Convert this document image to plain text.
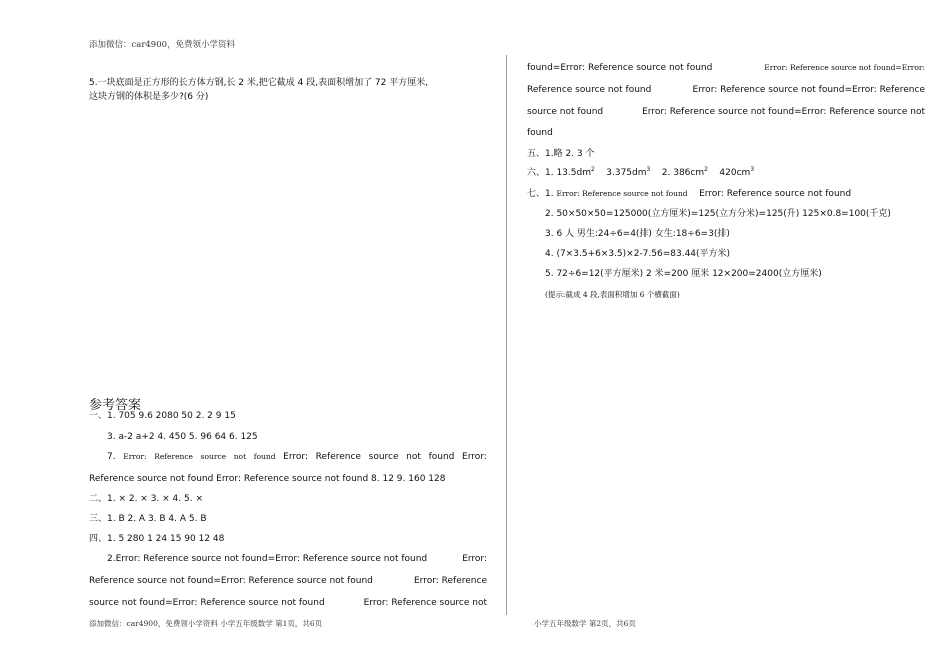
添加微信：car4900，免费领小学资料
5.一块底面是正方形的长方体方钢,长 2 米,把它截成 4 段,表面积增加了 72 平方厘米,
这块方钢的体积是多少?(6 分)
参考答案
一、1. 705 9.6 2080 50 2. 2 9 15
3. a-2 a+2 4. 450 5. 96 64 6. 125
7. Error: Reference source not found Error: Reference source not found Error:
Reference source not found Error: Reference source not found 8. 12 9. 160 128
二、1. × 2. × 3. × 4. 5. ×
三、1. B 2. A 3. B 4. A 5. B
四、1. 5 280 1 24 15 90 12 48
2.Error: Reference source not found=Error: Reference source not found	Error:
Reference source not found=Error: Reference source not found	Error: Reference
source not found=Error: Reference source not found	Error: Reference source not
found=Error: Reference source not found	Error: Reference source not found=Error:
Reference source not found	Error: Reference source not found=Error: Reference
source not found	Error: Reference source not found=Error: Reference source not
found
五、1.略 2. 3 个
六、1. $13.5dm^2$ $3.375dm^3$ 2. $386cm^2$ $420cm^3$
七、1. Error: Reference source not found Error: Reference source not found
2. 50×50×50=125000(立方厘米)=125(立方分米)=125(升) 125×0.8=100(千克)
3. 6 人 男生:24÷6=4(排) 女生:18÷6=3(排)
4. (7×3.5+6×3.5)×2-7.56=83.44(平方米)
5. 72÷6=12(平方厘米) 2 米=200 厘米 12×200=2400(立方厘米)
(提示:截成 4 段,表面积增加 6 个横截面)
添加微信：car4900，免费领小学资料 小学五年级数学 第1页，共6页	小学五年级数学 第2页，共6页
